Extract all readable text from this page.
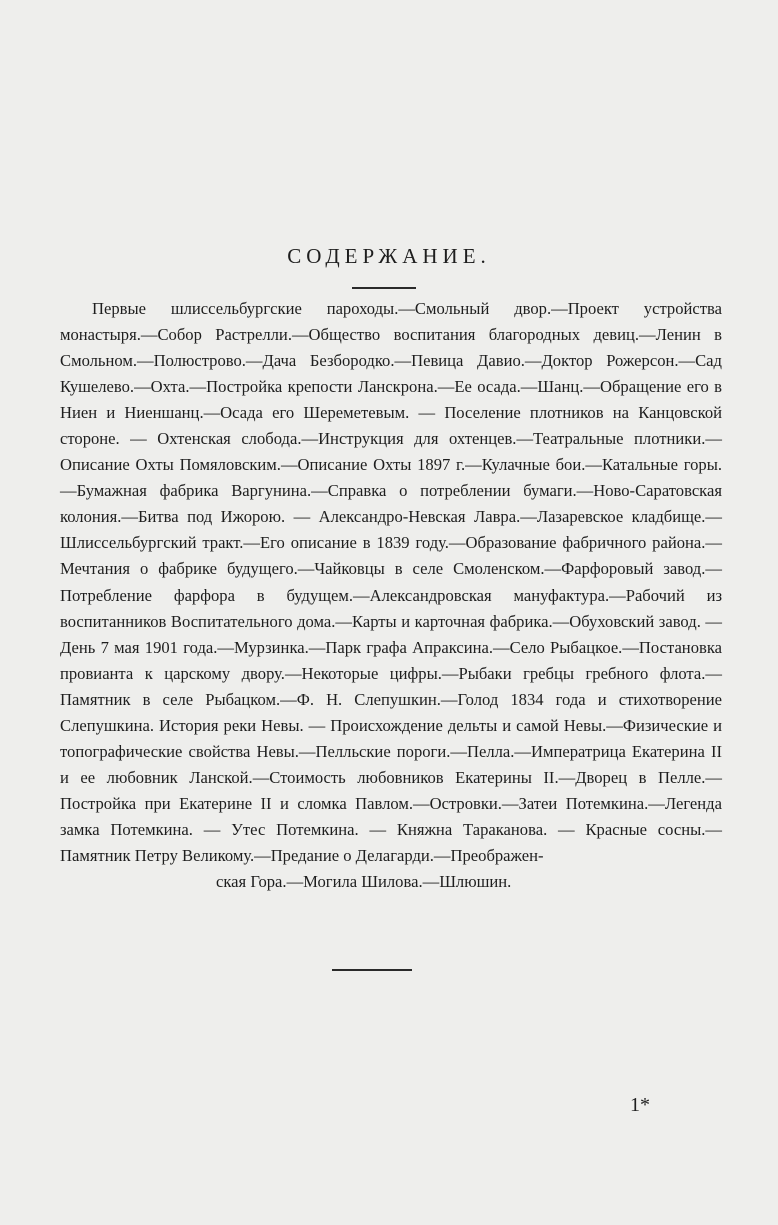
СОДЕРЖАНИЕ.

Первые шлиссельбургские пароходы.—Смольный двор.—Проект устройства монастыря.—Собор Растрелли.—Общество воспитания благородных девиц.—Ленин в Смольном.—Полюстрово.—Дача Безбородко.—Певица Давио.—Доктор Рожерсон.—Сад Кушелево.—Охта.—Постройка крепости Ланскрона.—Ее осада.—Шанц.—Обращение его в Ниен и Ниеншанц.—Осада его Шереметевым. — Поселение плотников на Канцовской стороне. — Охтенская слобода.—Инструкция для охтенцев.—Театральные плотники.—Описание Охты Помяловским.—Описание Охты 1897 г.—Кулачные бои.—Катальные горы.—Бумажная фабрика Варгунина.—Справка о потреблении бумаги.—Ново-Саратовская колония.—Битва под Ижорою. — Александро-Невская Лавра.—Лазаревское кладбище.—Шлиссельбургский тракт.—Его описание в 1839 году.—Образование фабричного района.—Мечтания о фабрике будущего.—Чайковцы в селе Смоленском.—Фарфоровый завод.—Потребление фарфора в будущем.—Александровская мануфактура.—Рабочий из воспитанников Воспитательного дома.—Карты и карточная фабрика.—Обуховский завод. — День 7 мая 1901 года.—Мурзинка.—Парк графа Апраксина.—Село Рыбацкое.—Постановка провианта к царскому двору.—Некоторые цифры.—Рыбаки гребцы гребного флота.—Памятник в селе Рыбацком.—Ф. Н. Слепушкин.—Голод 1834 года и стихотворение Слепушкина. История реки Невы. — Происхождение дельты и самой Невы.—Физические и топографические свойства Невы.—Пелльские пороги.—Пелла.—Императрица Екатерина II и ее любовник Ланской.—Стоимость любовников Екатерины II.—Дворец в Пелле.—Постройка при Екатерине II и сломка Павлом.—Островки.—Затеи Потемкина.—Легенда замка Потемкина. — Утес Потемкина. — Княжна Тараканова. — Красные сосны.—Памятник Петру Великому.—Предание о Делагарди.—Преображен-
ская Гора.—Могила Шилова.—Шлюшин.

1*
